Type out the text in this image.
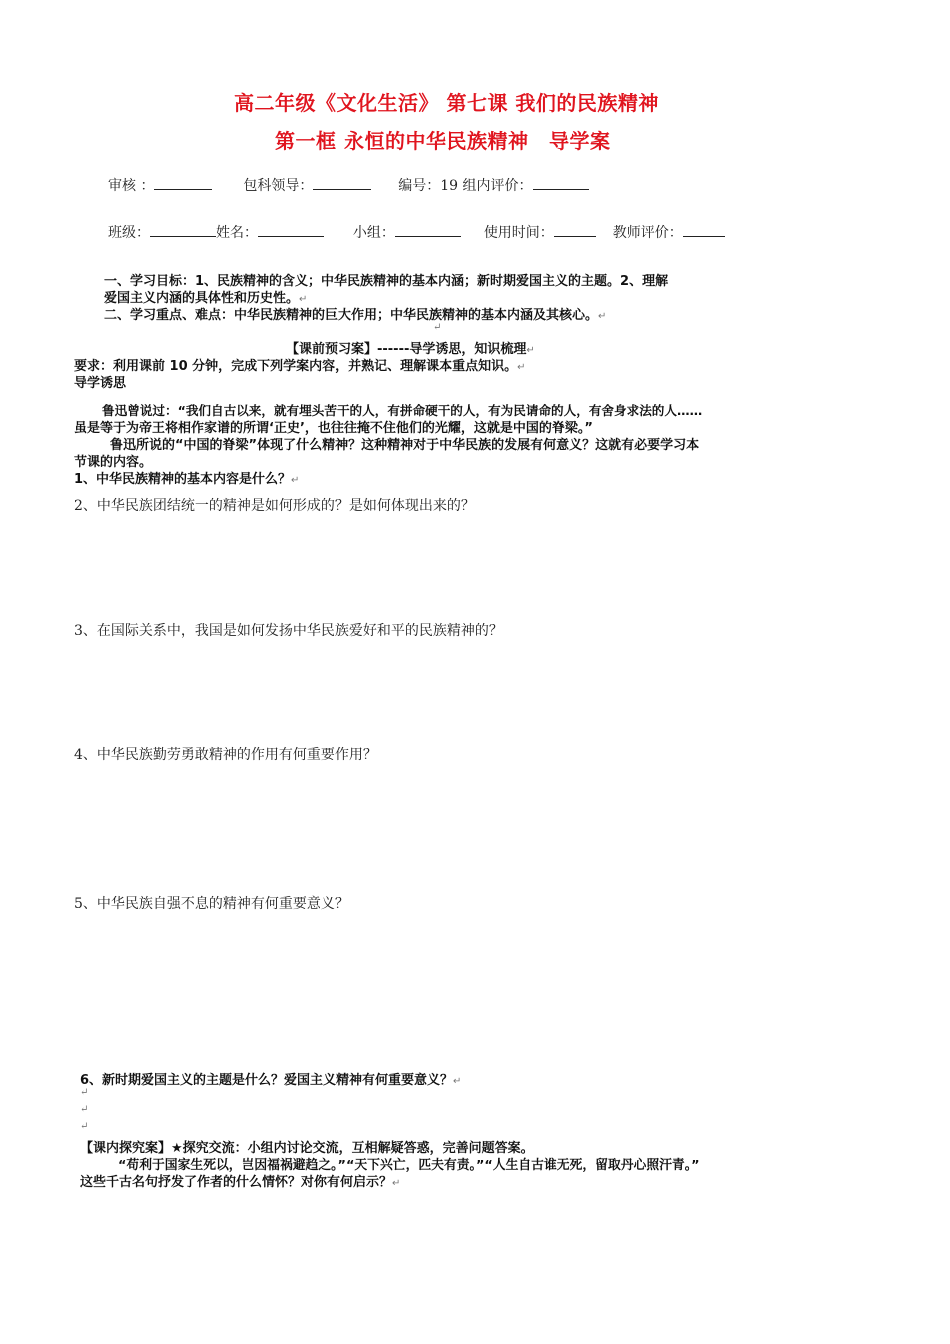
高二年级《文化生活》 第七课 我们的民族精神
第一框 永恒的中华民族精神　导学案
审核 ：	包科领导：	编号：19 组内评价：
班级：	姓名：	小组：	使用时间：	教师评价：
一、学习目标：1、民族精神的含义；中华民族精神的基本内涵；新时期爱国主义的主题。2、理解
爱国主义内涵的具体性和历史性。↵
二、学习重点、难点：中华民族精神的巨大作用；中华民族精神的基本内涵及其核心。↵
↵
【课前预习案】------导学诱思，知识梳理↵
要求：利用课前 10 分钟，完成下列学案内容，并熟记、理解课本重点知识。↵
导学诱思
鲁迅曾说过：“我们自古以来，就有埋头苦干的人，有拼命硬干的人，有为民请命的人，有舍身求法的人……
虽是等于为帝王将相作家谱的所谓‘正史’，也往往掩不住他们的光耀，这就是中国的脊梁。”
鲁迅所说的“中国的脊梁”体现了什么精神？这种精神对于中华民族的发展有何意义？这就有必要学习本
节课的内容。
1、中华民族精神的基本内容是什么？↵
2、中华民族团结统一的精神是如何形成的？是如何体现出来的？
3、在国际关系中，我国是如何发扬中华民族爱好和平的民族精神的？
4、中华民族勤劳勇敢精神的作用有何重要作用？
5、中华民族自强不息的精神有何重要意义？
6、新时期爱国主义的主题是什么？爱国主义精神有何重要意义？↵
↵
↵
↵
【课内探究案】★探究交流：小组内讨论交流，互相解疑答惑，完善问题答案。
“苟利于国家生死以，岂因福祸避趋之。”“天下兴亡，匹夫有责。”“人生自古谁无死，留取丹心照汗青。”
这些千古名句抒发了作者的什么情怀？对你有何启示？↵
